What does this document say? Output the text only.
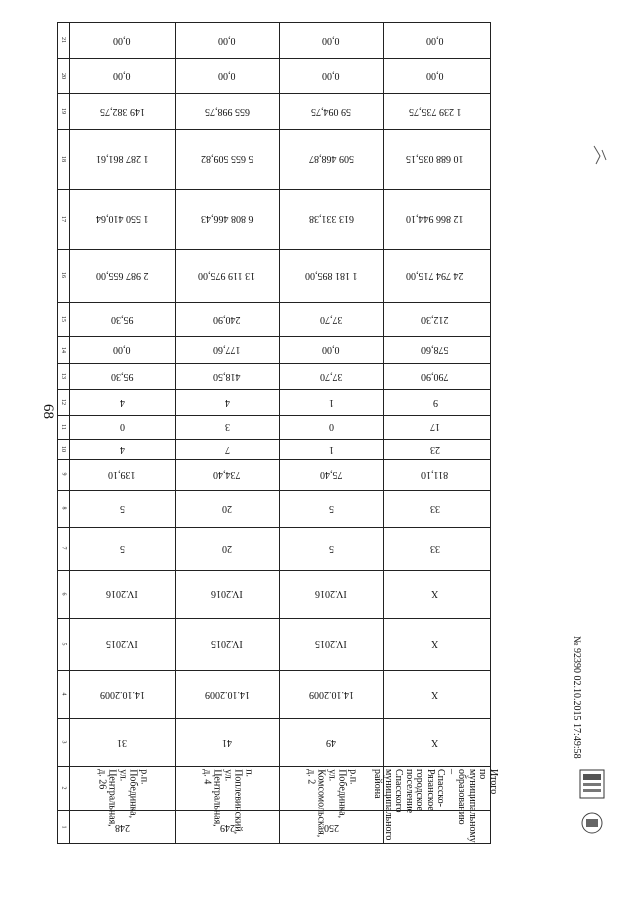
68
1
2
3
4
5
6
7
8
9
10
11
12
13
14
15
16
17
18
19
20
21
248
р.п. Побединка, ул. Центральная, д. 26
31
14.10.2009
IV.2015
IV.2016
5
5
139,10
4
0
4
95,30
0,00
95,30
2 987 655,00
1 550 410,64
1 287 861,61
149 382,75
0,00
0,00
249
п. Поплевинский, ул. Центральная, д. 4
41
14.10.2009
IV.2015
IV.2016
20
20
734,40
7
3
4
418,50
177,60
240,90
13 119 975,00
6 808 466,43
5 655 509,82
655 998,75
0,00
0,00
250
р.п. Побединка, ул. Комсомольская, д. 2
49
14.10.2009
IV.2015
IV.2016
5
5
75,40
1
0
1
37,70
0,00
37,70
1 181 895,00
613 331,38
509 468,87
59 094,75
0,00
0,00
Итого по муниципальному образованию – Спасско-Рязанское городское поселение Спасского муниципального района
X
X
X
X
33
33
811,10
23
17
9
790,90
578,60
212,30
24 794 715,00
12 866 944,10
10 688 035,15
1 239 735,75
0,00
0,00
№ 92390 02.10.2015 17:49:58
